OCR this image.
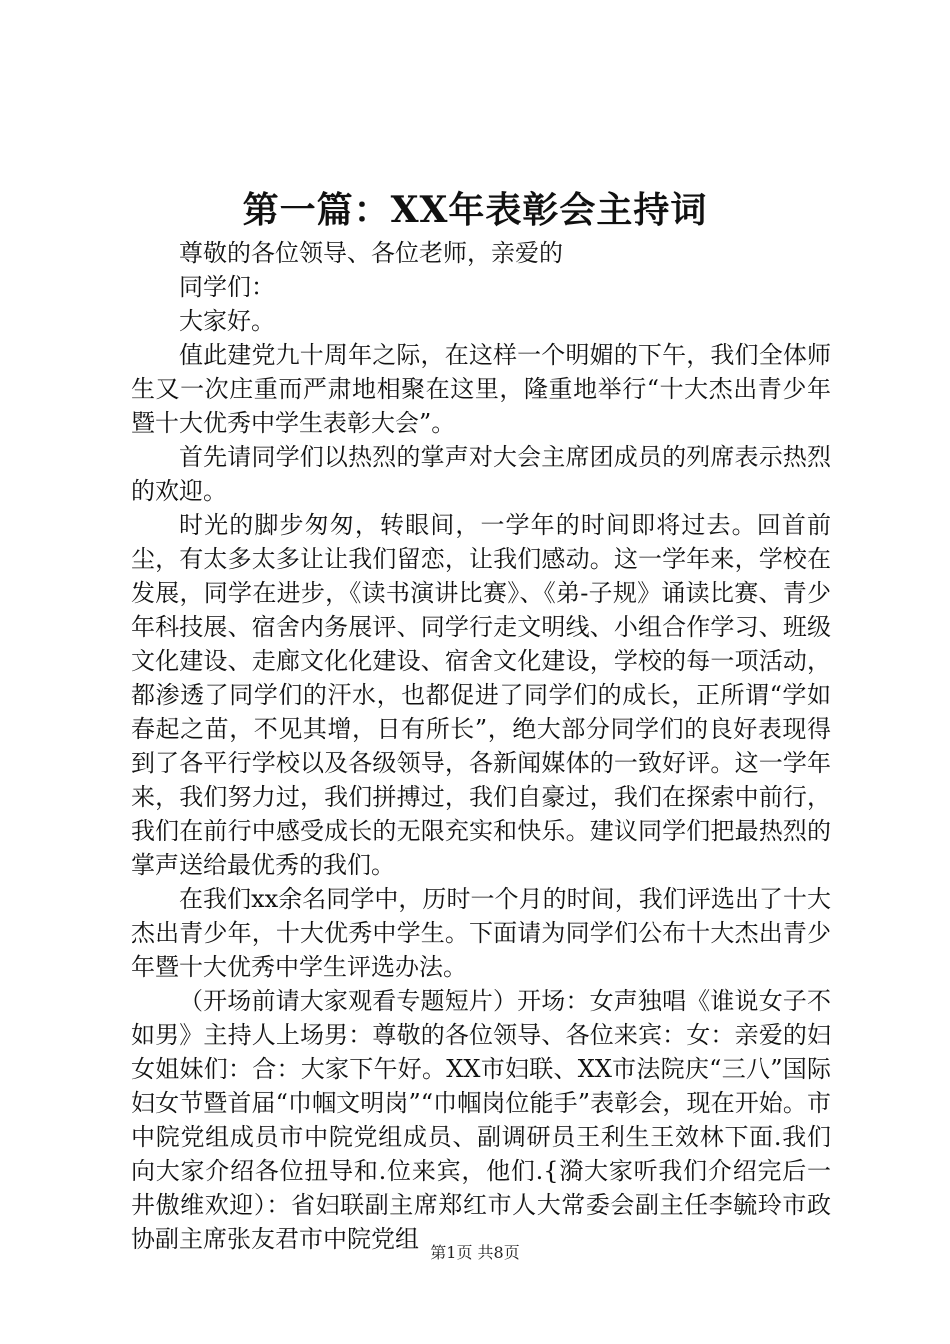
第一篇：XX年表彰会主持词

尊敬的各位领导、各位老师，亲爱的

同学们：

大家好。

值此建党九十周年之际，在这样一个明媚的下午，我们全体师生又一次庄重而严肃地相聚在这里，隆重地举行“十大杰出青少年暨十大优秀中学生表彰大会”。

首先请同学们以热烈的掌声对大会主席团成员的列席表示热烈的欢迎。

时光的脚步匆匆，转眼间，一学年的时间即将过去。回首前尘，有太多太多让让我们留恋，让我们感动。这一学年来，学校在发展，同学在进步，《读书演讲比赛》、《弟-子规》诵读比赛、青少年科技展、宿舍内务展评、同学行走文明线、小组合作学习、班级文化建设、走廊文化化建设、宿舍文化建设，学校的每一项活动，都渗透了同学们的汗水，也都促进了同学们的成长，正所谓“学如春起之苗，不见其增，日有所长”，绝大部分同学们的良好表现得到了各平行学校以及各级领导，各新闻媒体的一致好评。这一学年来，我们努力过，我们拼搏过，我们自豪过，我们在探索中前行，我们在前行中感受成长的无限充实和快乐。建议同学们把最热烈的掌声送给最优秀的我们。

在我们xx余名同学中，历时一个月的时间，我们评选出了十大杰出青少年，十大优秀中学生。下面请为同学们公布十大杰出青少年暨十大优秀中学生评选办法。

（开场前请大家观看专题短片）开场：女声独唱《谁说女子不如男》主持人上场男：尊敬的各位领导、各位来宾：女：亲爱的妇女姐妹们：合：大家下午好。XX市妇联、XX市法院庆“三八”国际妇女节暨首届“巾帼文明岗”“巾帼岗位能手”表彰会，现在开始。市中院党组成员市中院党组成员、副调研员王利生王效林下面.我们向大家介绍各位扭导和.位来宾，他们.{漪大家听我们介绍完后一井傲维欢迎）：省妇联副主席郑红市人大常委会副主任李毓玲市政协副主席张友君市中院党组 第1页 共8页
